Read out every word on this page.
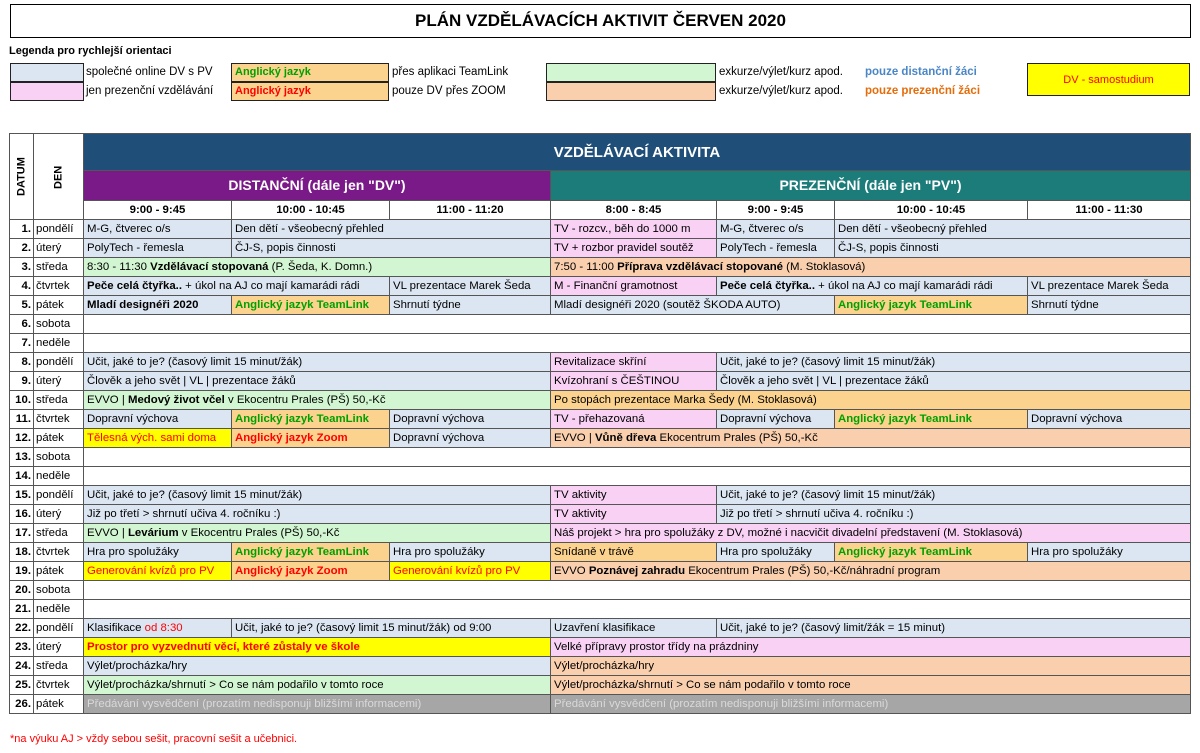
PLÁN VZDĚLÁVACÍCH AKTIVIT ČERVEN 2020
Legenda pro rychlejší orientaci
společné online DV s PV	Anglický jazyk	přes aplikaci TeamLink	exkurze/výlet/kurz apod. pouze distanční žáci
DV - samostudium
jen prezenční vzdělávání	Anglický jazyk	pouze DV přes ZOOM	exkurze/výlet/kurz apod. pouze prezenční žáci
DATUM	DEN	VZDĚLÁVACÍ AKTIVITA						
		DISTANČNÍ (dále jen "DV")			PREZENČNÍ (dále jen "PV")			
		9:00 - 9:45	10:00 - 10:45	11:00 - 11:20	8:00 - 8:45	9:00 - 9:45	10:00 - 10:45	11:00 - 11:30
1.	pondělí	M-G, čtverec o/s	Den dětí - všeobecný přehled		TV - rozcv., běh do 1000 m	M-G, čtverec o/s	Den dětí - všeobecný přehled	
2.	úterý	PolyTech - řemesla	ČJ-S, popis činnosti		TV + rozbor pravidel soutěž	PolyTech - řemesla	ČJ-S, popis činnosti	
3.	středa	8:30 - 11:30 Vzdělávací stopovaná (P. Šeda, K. Domn.)			7:50 - 11:00 Příprava vzdělávací stopované (M. Stoklasová)			
4.	čtvrtek	Peče celá čtyřka.. + úkol na AJ co mají kamarádi rádi		VL prezentace Marek Šeda	M - Finanční gramotnost	Peče celá čtyřka.. + úkol na AJ co mají kamarádi rádi		VL prezentace Marek Šeda
5.	pátek	Mladí designéři 2020	Anglický jazyk TeamLink	Shrnutí týdne	Mladí designéři 2020 (soutěž ŠKODA AUTO)		Anglický jazyk TeamLink	Shrnutí týdne
6.	sobota							
7.	neděle							
8.	pondělí	Učit, jaké to je? (časový limit 15 minut/žák)			Revitalizace skříní	Učit, jaké to je? (časový limit 15 minut/žák)		
9.	úterý	Člověk a jeho svět | VL | prezentace žáků			Kvízohraní s ČEŠTINOU	Člověk a jeho svět | VL | prezentace žáků		
10.	středa	EVVO | Medový život včel v Ekocentru Prales (PŠ) 50,-Kč			Po stopách prezentace Marka Šedy (M. Stoklasová)			
11.	čtvrtek	Dopravní výchova	Anglický jazyk TeamLink	Dopravní výchova	TV - přehazovaná	Dopravní výchova	Anglický jazyk TeamLink	Dopravní výchova
12.	pátek	Tělesná vých. sami doma	Anglický jazyk Zoom	Dopravní výchova	EVVO | Vůně dřeva Ekocentrum Prales (PŠ) 50,-Kč			
13.	sobota							
14.	neděle							
15.	pondělí	Učit, jaké to je? (časový limit 15 minut/žák)			TV aktivity	Učit, jaké to je? (časový limit 15 minut/žák)		
16.	úterý	Již po třetí > shrnutí učiva 4. ročníku :)			TV aktivity	Již po třetí > shrnutí učiva 4. ročníku :)		
17.	středa	EVVO | Levárium v Ekocentru Prales (PŠ) 50,-Kč			Náš projekt > hra pro spolužáky z DV, možné i nacvičit divadelní představení (M. Stoklasová)			
18.	čtvrtek	Hra pro spolužáky	Anglický jazyk TeamLink	Hra pro spolužáky	Snídaně v trávě	Hra pro spolužáky	Anglický jazyk TeamLink	Hra pro spolužáky
19.	pátek	Generování kvízů pro PV	Anglický jazyk Zoom	Generování kvízů pro PV	EVVO Poznávej zahradu Ekocentrum Prales (PŠ) 50,-Kč/náhradní program			
20.	sobota							
21.	neděle							
22.	pondělí	Klasifikace od 8:30	Učit, jaké to je? (časový limit 15 minut/žák) od 9:00		Uzavření klasifikace	Učit, jaké to je? (časový limit/žák = 15 minut)		
23.	úterý	Prostor pro vyzvednutí věcí, které zůstaly ve škole			Velké přípravy prostor třídy na prázdniny			
24.	středa	Výlet/procházka/hry			Výlet/procházka/hry			
25.	čtvrtek	Výlet/procházka/shrnutí > Co se nám podařilo v tomto roce			Výlet/procházka/shrnutí > Co se nám podařilo v tomto roce			
26.	pátek	Předávání vysvědčení (prozatím nedisponuji bližšími informacemi)			Předávání vysvědčení (prozatím nedisponuji bližšími informacemi)			
*na výuku AJ > vždy sebou sešit, pracovní sešit a učebnici.
